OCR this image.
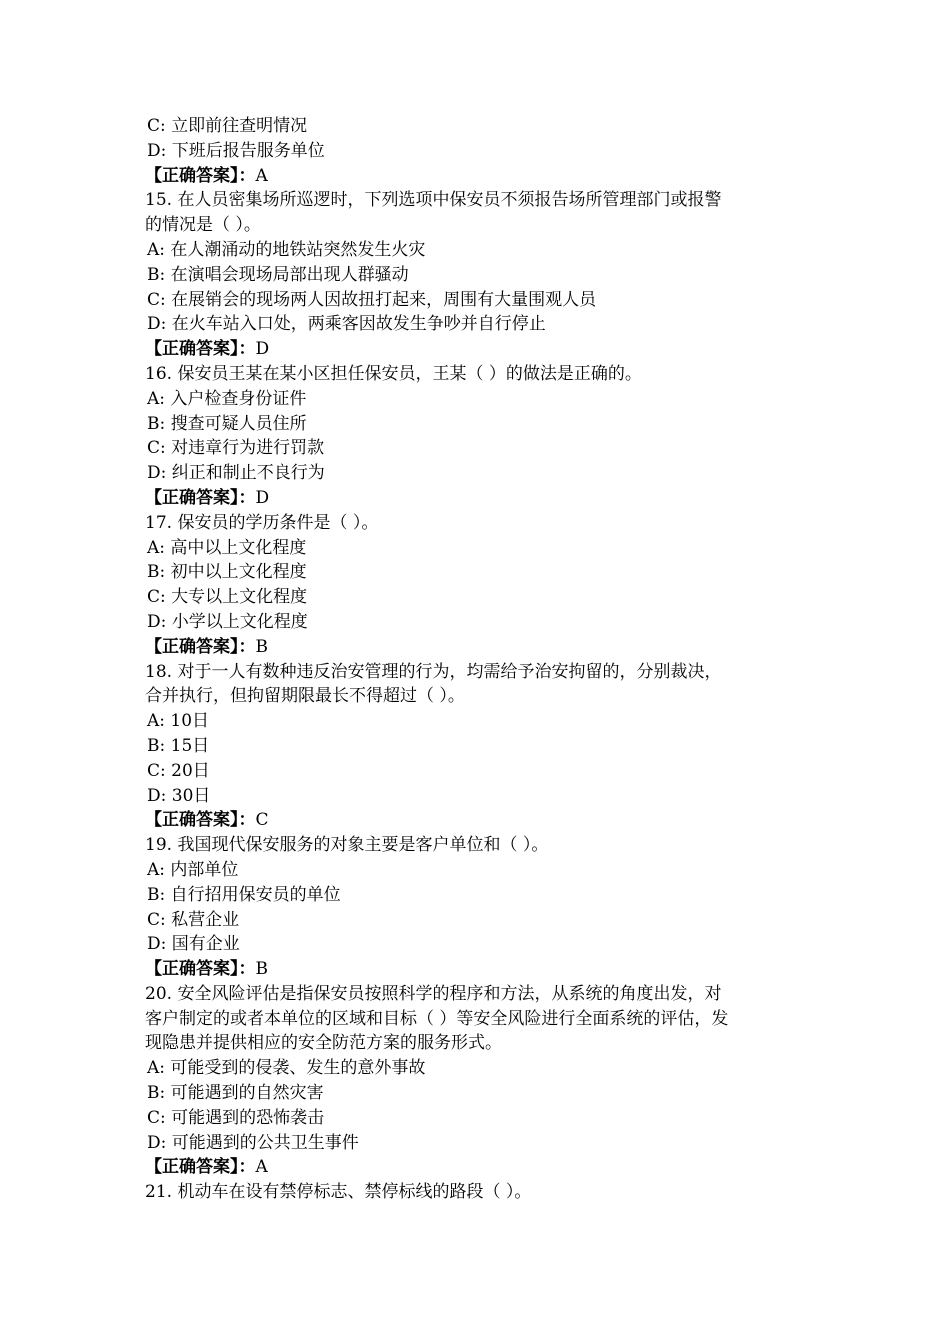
C: 立即前往查明情况
D: 下班后报告服务单位
【正确答案】：A
15. 在人员密集场所巡逻时，下列选项中保安员不须报告场所管理部门或报警
的情况是（ ）。
A: 在人潮涌动的地铁站突然发生火灾
B: 在演唱会现场局部出现人群骚动
C: 在展销会的现场两人因故扭打起来，周围有大量围观人员
D: 在火车站入口处，两乘客因故发生争吵并自行停止
【正确答案】：D
16. 保安员王某在某小区担任保安员，王某（ ）的做法是正确的。
A: 入户检查身份证件
B: 搜查可疑人员住所
C: 对违章行为进行罚款
D: 纠正和制止不良行为
【正确答案】：D
17. 保安员的学历条件是（ ）。
A: 高中以上文化程度
B: 初中以上文化程度
C: 大专以上文化程度
D: 小学以上文化程度
【正确答案】：B
18. 对于一人有数种违反治安管理的行为，均需给予治安拘留的，分别裁决，
合并执行，但拘留期限最长不得超过（ ）。
A: 10日
B: 15日
C: 20日
D: 30日
【正确答案】：C
19. 我国现代保安服务的对象主要是客户单位和（ ）。
A: 内部单位
B: 自行招用保安员的单位
C: 私营企业
D: 国有企业
【正确答案】：B
20. 安全风险评估是指保安员按照科学的程序和方法，从系统的角度出发，对
客户制定的或者本单位的区域和目标（ ）等安全风险进行全面系统的评估，发
现隐患并提供相应的安全防范方案的服务形式。
A: 可能受到的侵袭、发生的意外事故
B: 可能遇到的自然灾害
C: 可能遇到的恐怖袭击
D: 可能遇到的公共卫生事件
【正确答案】：A
21. 机动车在设有禁停标志、禁停标线的路段（ ）。
